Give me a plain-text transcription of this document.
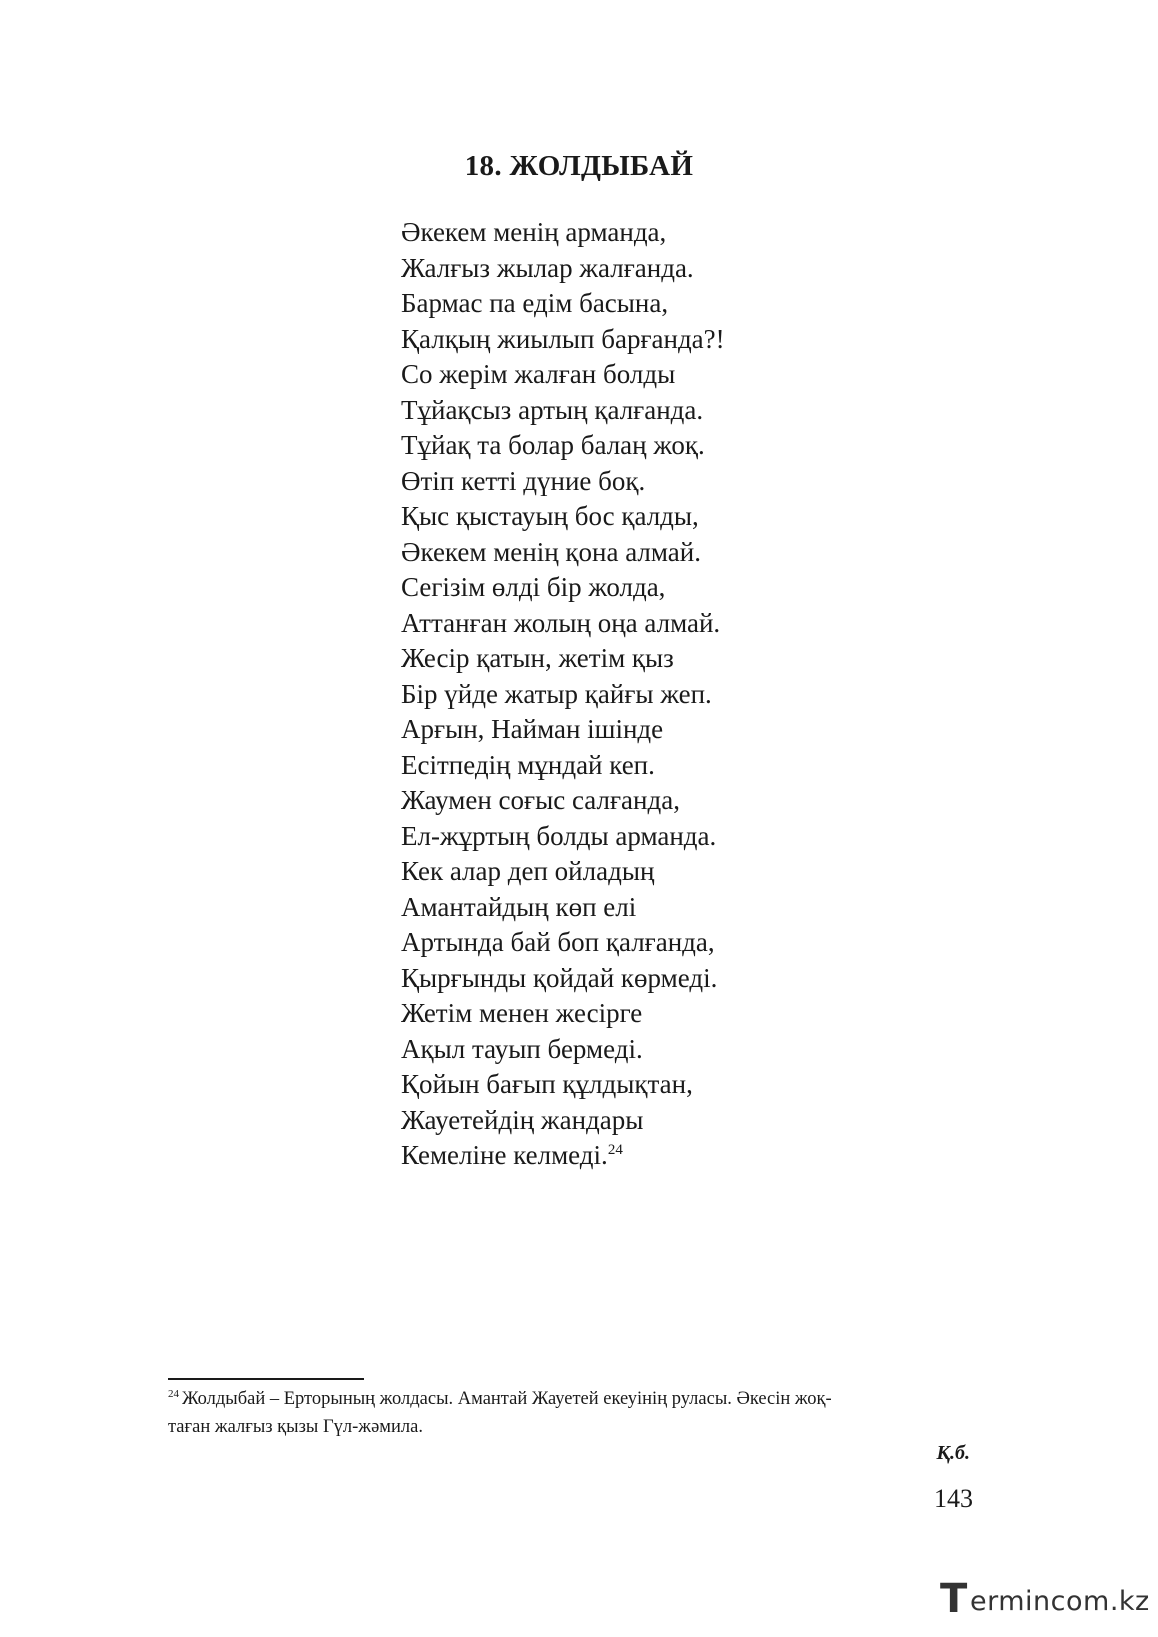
18. ЖОЛДЫБАЙ
Әкекем менің арманда,
Жалғыз жылар жалғанда.
Бармас па едім басына,
Қалқың жиылып барғанда?!
Со жерім жалған болды
Тұйақсыз артың қалғанда.
Тұйақ та болар балаң жоқ.
Өтіп кетті дүние боқ.
Қыс қыстауың бос қалды,
Әкекем менің қона алмай.
Сегізім өлді бір жолда,
Аттанған жолың оңа алмай.
Жесір қатын, жетім қыз
Бір үйде жатыр қайғы жеп.
Арғын, Найман ішінде
Есітпедің мұндай кеп.
Жаумен соғыс салғанда,
Ел-жұртың болды арманда.
Кек алар деп ойладың
Амантайдың көп елі
Артында бай боп қалғанда,
Қырғынды қойдай көрмеді.
Жетім менен жесірге
Ақыл тауып бермеді.
Қойын бағып құлдықтан,
Жауетейдің жандары
Кемеліне келмеді.$^{24}$
$^{24}$ Жолдыбай – Ерторының жолдасы. Амантай Жауетей екеуінің руласы. Әкесін жоқ-
таған жалғыз қызы Гүл-жәмила.
Қ.б.
143
T ermincom.kz
